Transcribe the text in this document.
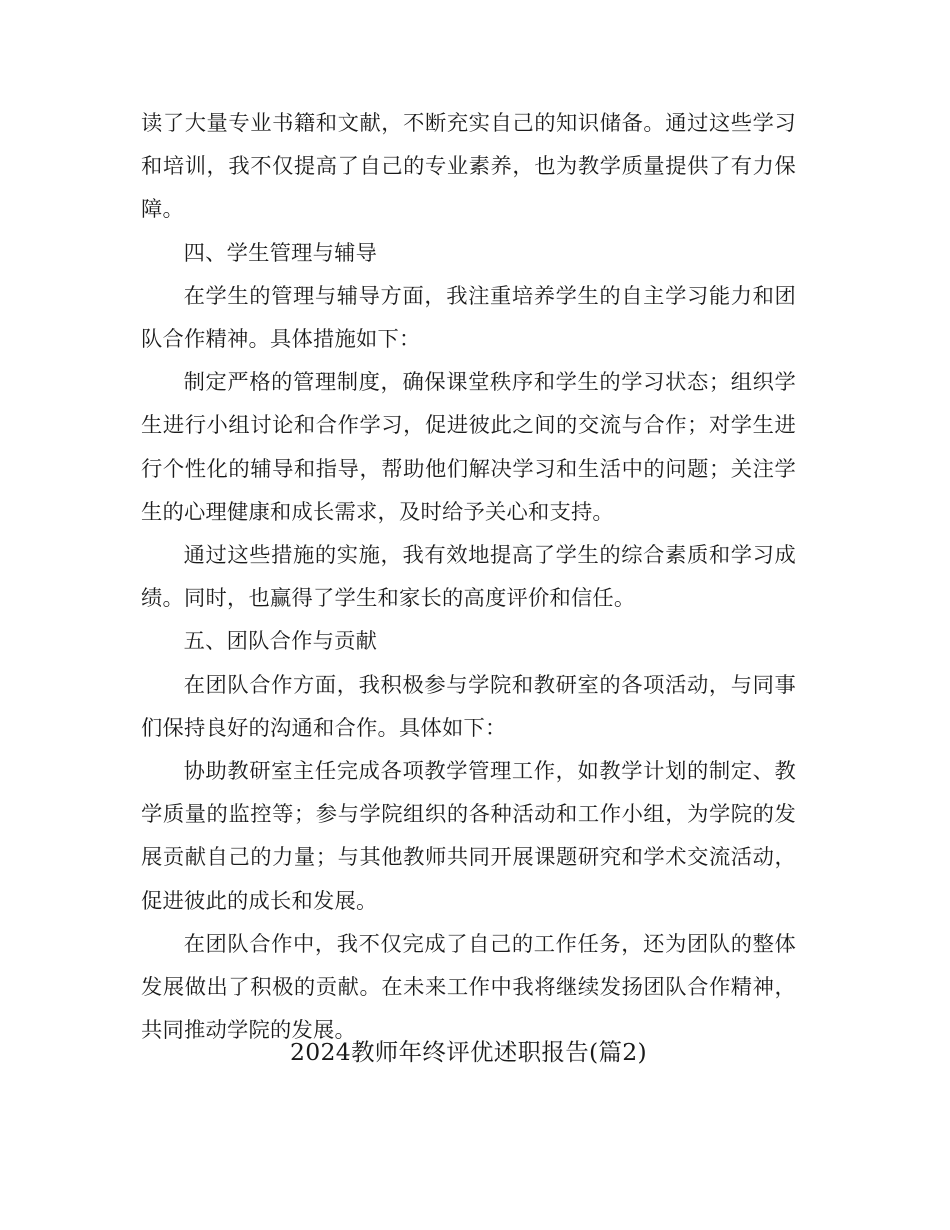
读了大量专业书籍和文献，不断充实自己的知识储备。通过这些学习和培训，我不仅提高了自己的专业素养，也为教学质量提供了有力保障。

四、学生管理与辅导

在学生的管理与辅导方面，我注重培养学生的自主学习能力和团队合作精神。具体措施如下：

制定严格的管理制度，确保课堂秩序和学生的学习状态；组织学生进行小组讨论和合作学习，促进彼此之间的交流与合作；对学生进行个性化的辅导和指导，帮助他们解决学习和生活中的问题；关注学生的心理健康和成长需求，及时给予关心和支持。

通过这些措施的实施，我有效地提高了学生的综合素质和学习成绩。同时，也赢得了学生和家长的高度评价和信任。

五、团队合作与贡献

在团队合作方面，我积极参与学院和教研室的各项活动，与同事们保持良好的沟通和合作。具体如下：

协助教研室主任完成各项教学管理工作，如教学计划的制定、教学质量的监控等；参与学院组织的各种活动和工作小组，为学院的发展贡献自己的力量；与其他教师共同开展课题研究和学术交流活动，促进彼此的成长和发展。

在团队合作中，我不仅完成了自己的工作任务，还为团队的整体发展做出了积极的贡献。在未来工作中我将继续发扬团队合作精神，共同推动学院的发展。

2024教师年终评优述职报告(篇2)
